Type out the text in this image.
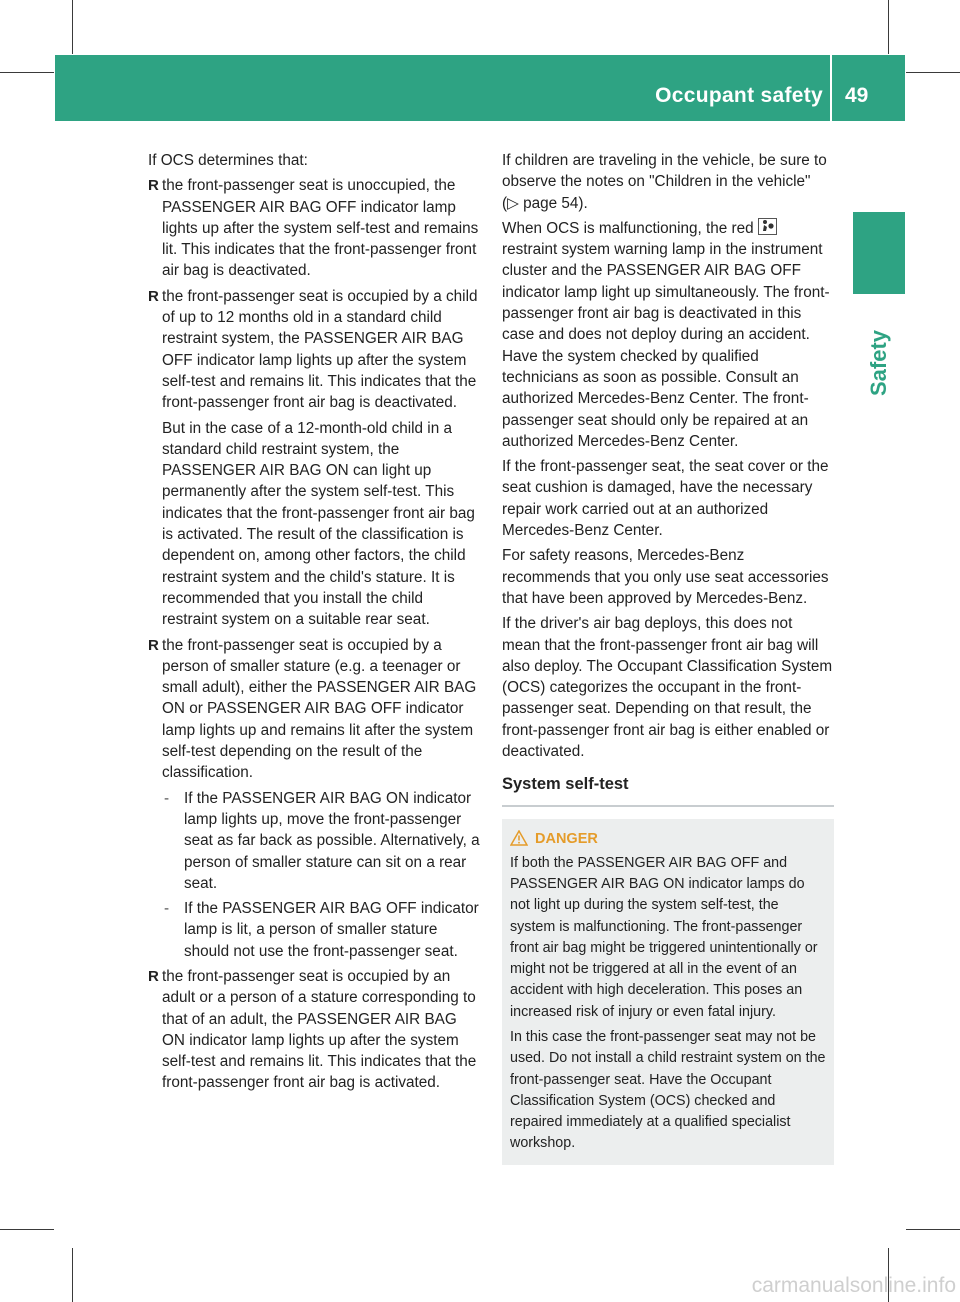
Occupant safety 49
Safety

If OCS determines that:

R the front-passenger seat is unoccupied, the PASSENGER AIR BAG OFF indicator lamp lights up after the system self-test and remains lit. This indicates that the front-passenger front air bag is deactivated.
R the front-passenger seat is occupied by a child of up to 12 months old in a standard child restraint system, the PASSENGER AIR BAG OFF indicator lamp lights up after the system self-test and remains lit. This indicates that the front-passenger front air bag is deactivated.
But in the case of a 12-month-old child in a standard child restraint system, the PASSENGER AIR BAG ON can light up permanently after the system self-test. This indicates that the front-passenger front air bag is activated. The result of the classification is dependent on, among other factors, the child restraint system and the child's stature. It is recommended that you install the child restraint system on a suitable rear seat.
R the front-passenger seat is occupied by a person of smaller stature (e.g. a teenager or small adult), either the PASSENGER AIR BAG ON or PASSENGER AIR BAG OFF indicator lamp lights up and remains lit after the system self-test depending on the result of the classification.
- If the PASSENGER AIR BAG ON indicator lamp lights up, move the front-passenger seat as far back as possible. Alternatively, a person of smaller stature can sit on a rear seat.
- If the PASSENGER AIR BAG OFF indicator lamp is lit, a person of smaller stature should not use the front-passenger seat.
R the front-passenger seat is occupied by an adult or a person of a stature corresponding to that of an adult, the PASSENGER AIR BAG ON indicator lamp lights up after the system self-test and remains lit. This indicates that the front-passenger front air bag is activated.

If children are traveling in the vehicle, be sure to observe the notes on "Children in the vehicle" (▷ page 54).

When OCS is malfunctioning, the red
restraint system warning lamp in the instrument cluster and the PASSENGER AIR BAG OFF indicator lamp light up simultaneously. The front-passenger front air bag is deactivated in this case and does not deploy during an accident. Have the system checked by qualified technicians as soon as possible. Consult an authorized Mercedes-Benz Center. The front-passenger seat should only be repaired at an authorized Mercedes-Benz Center.

If the front-passenger seat, the seat cover or the seat cushion is damaged, have the necessary repair work carried out at an authorized Mercedes-Benz Center.

For safety reasons, Mercedes-Benz recommends that you only use seat accessories that have been approved by Mercedes-Benz.

If the driver's air bag deploys, this does not mean that the front-passenger front air bag will also deploy. The Occupant Classification System (OCS) categorizes the occupant in the front-passenger seat. Depending on that result, the front-passenger front air bag is either enabled or deactivated.

System self-test
DANGER

If both the PASSENGER AIR BAG OFF and PASSENGER AIR BAG ON indicator lamps do not light up during the system self-test, the system is malfunctioning. The front-passenger front air bag might be triggered unintentionally or might not be triggered at all in the event of an accident with high deceleration. This poses an increased risk of injury or even fatal injury.

In this case the front-passenger seat may not be used. Do not install a child restraint system on the front-passenger seat. Have the Occupant Classification System (OCS) checked and repaired immediately at a qualified specialist workshop.

carmanualsonline.info
